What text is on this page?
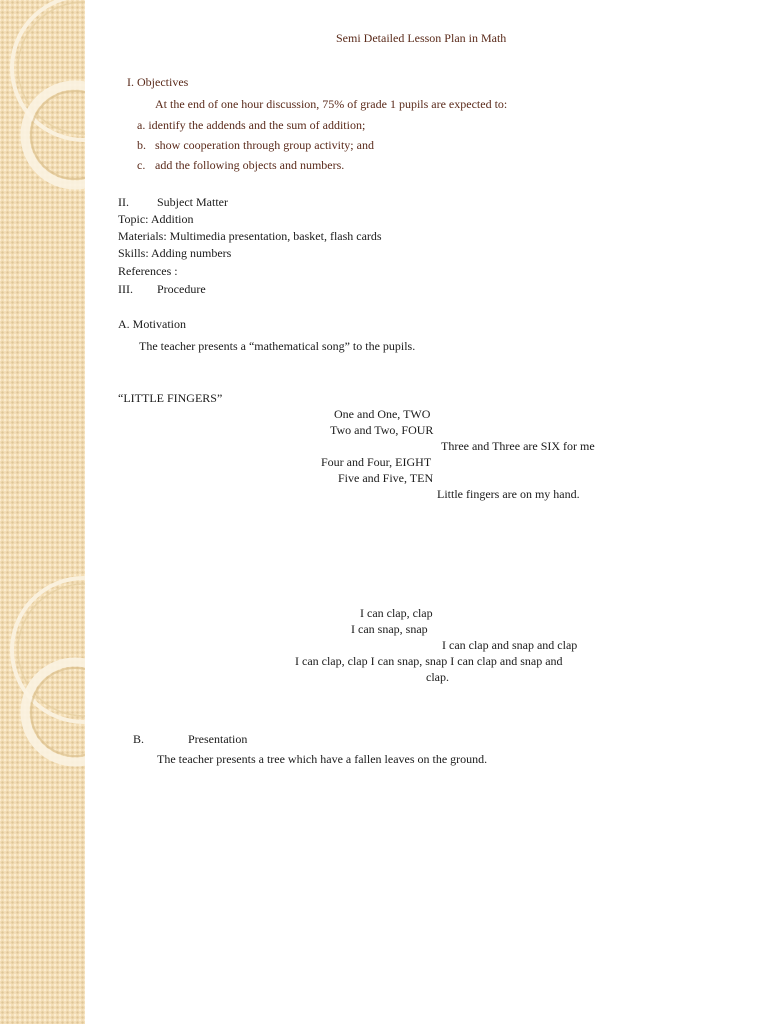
Semi Detailed Lesson Plan in Math
I. Objectives
At the end of one hour discussion, 75% of grade 1 pupils are expected to:
a. identify the addends and the sum of addition;
b. show cooperation through group activity; and
c. add the following objects and numbers.
II. Subject Matter
Topic: Addition
Materials: Multimedia presentation, basket, flash cards
Skills: Adding numbers
References :
III. Procedure
A. Motivation
The teacher presents a “mathematical song” to the pupils.
“LITTLE FINGERS”
One and One, TWO
Two and Two, FOUR
Three and Three are SIX for me
Four and Four, EIGHT
Five and Five, TEN
Little fingers are on my hand.
I can clap, clap
I can snap, snap
I can clap and snap and clap
I can clap, clap I can snap, snap I can clap and snap and
clap.
B.	Presentation
The teacher presents a tree which have a fallen leaves on the ground.
